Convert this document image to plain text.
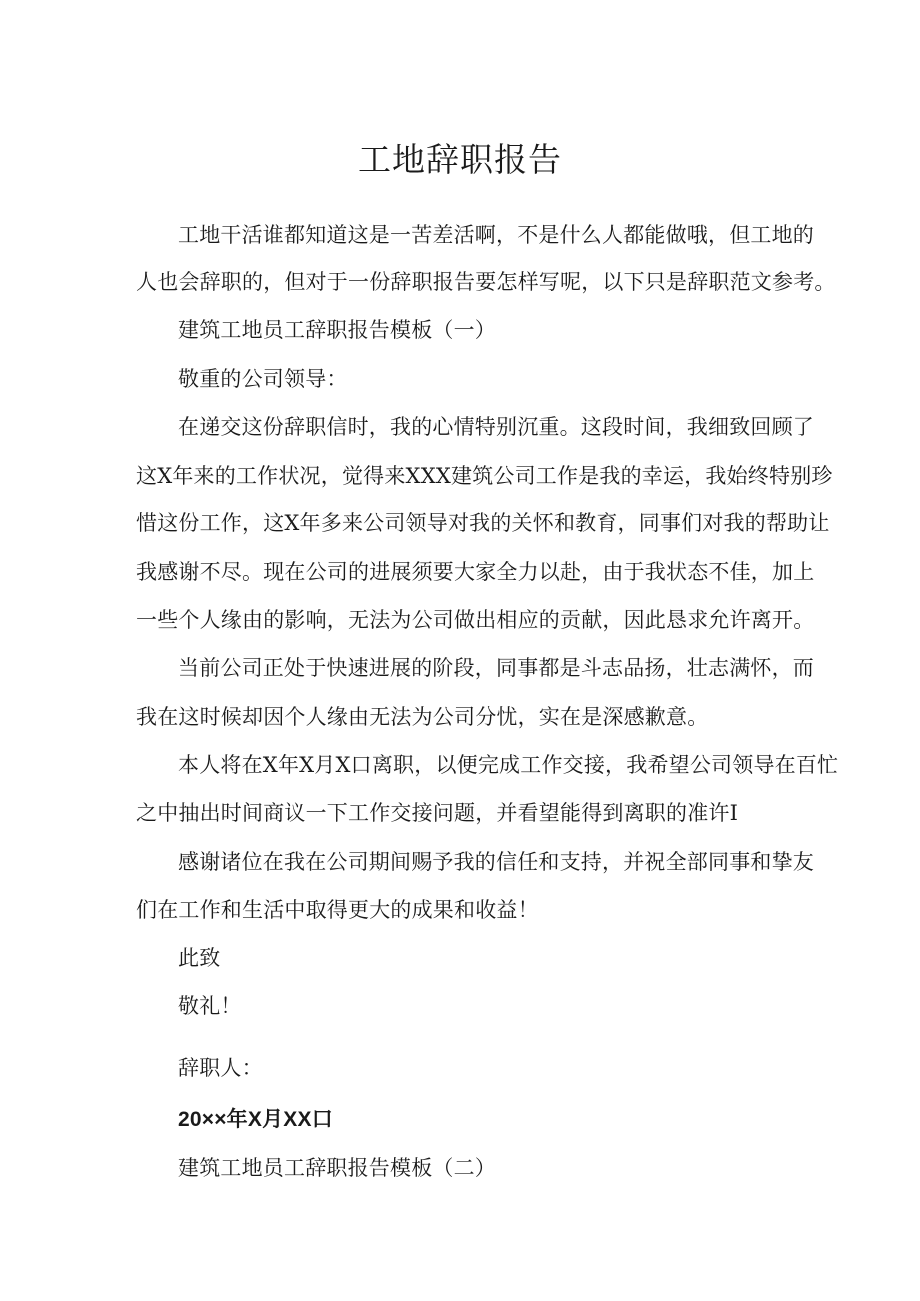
工地辞职报告
工地干活谁都知道这是一苦差活啊，不是什么人都能做哦，但工地的
人也会辞职的，但对于一份辞职报告要怎样写呢，以下只是辞职范文参考。
建筑工地员工辞职报告模板（一）
敬重的公司领导：
在递交这份辞职信时，我的心情特别沉重。这段时间，我细致回顾了
这X年来的工作状况，觉得来XXX建筑公司工作是我的幸运，我始终特别珍
惜这份工作，这X年多来公司领导对我的关怀和教育，同事们对我的帮助让
我感谢不尽。现在公司的进展须要大家全力以赴，由于我状态不佳，加上
一些个人缘由的影响，无法为公司做出相应的贡献，因此恳求允许离开。
当前公司正处于快速进展的阶段，同事都是斗志品扬，壮志满怀，而
我在这时候却因个人缘由无法为公司分忧，实在是深感歉意。
本人将在X年X月X口离职，以便完成工作交接，我希望公司领导在百忙
之中抽出时间商议一下工作交接问题，并看望能得到离职的准许I
感谢诸位在我在公司期间赐予我的信任和支持，并祝全部同事和挚友
们在工作和生活中取得更大的成果和收益！
此致
敬礼！
辞职人：
20××年X月XX口
建筑工地员工辞职报告模板（二）
